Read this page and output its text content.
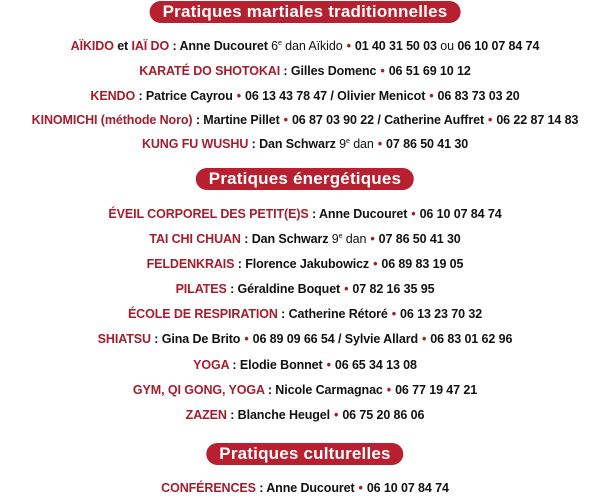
Pratiques martiales traditionnelles
AÏKIDO et IAÏ DO : Anne Ducouret 6e dan Aïkido • 01 40 31 50 03 ou 06 10 07 84 74
KARATÉ DO SHOTOKAI : Gilles Domenc • 06 51 69 10 12
KENDO : Patrice Cayrou • 06 13 43 78 47 / Olivier Menicot • 06 83 73 03 20
KINOMICHI (méthode Noro) : Martine Pillet • 06 87 03 90 22 / Catherine Auffret • 06 22 87 14 83
KUNG FU WUSHU : Dan Schwarz 9e dan • 07 86 50 41 30
Pratiques énergétiques
ÉVEIL CORPOREL DES PETIT(E)S : Anne Ducouret • 06 10 07 84 74
TAI CHI CHUAN : Dan Schwarz 9e dan • 07 86 50 41 30
FELDENKRAIS : Florence Jakubowicz • 06 89 83 19 05
PILATES : Géraldine Boquet • 07 82 16 35 95
ÉCOLE DE RESPIRATION : Catherine Rétoré • 06 13 23 70 32
SHIATSU : Gina De Brito • 06 89 09 66 54 / Sylvie Allard • 06 83 01 62 96
YOGA : Elodie Bonnet • 06 65 34 13 08
GYM, QI GONG, YOGA : Nicole Carmagnac • 06 77 19 47 21
ZAZEN : Blanche Heugel • 06 75 20 86 06
Pratiques culturelles
CONFÉRENCES : Anne Ducouret • 06 10 07 84 74
